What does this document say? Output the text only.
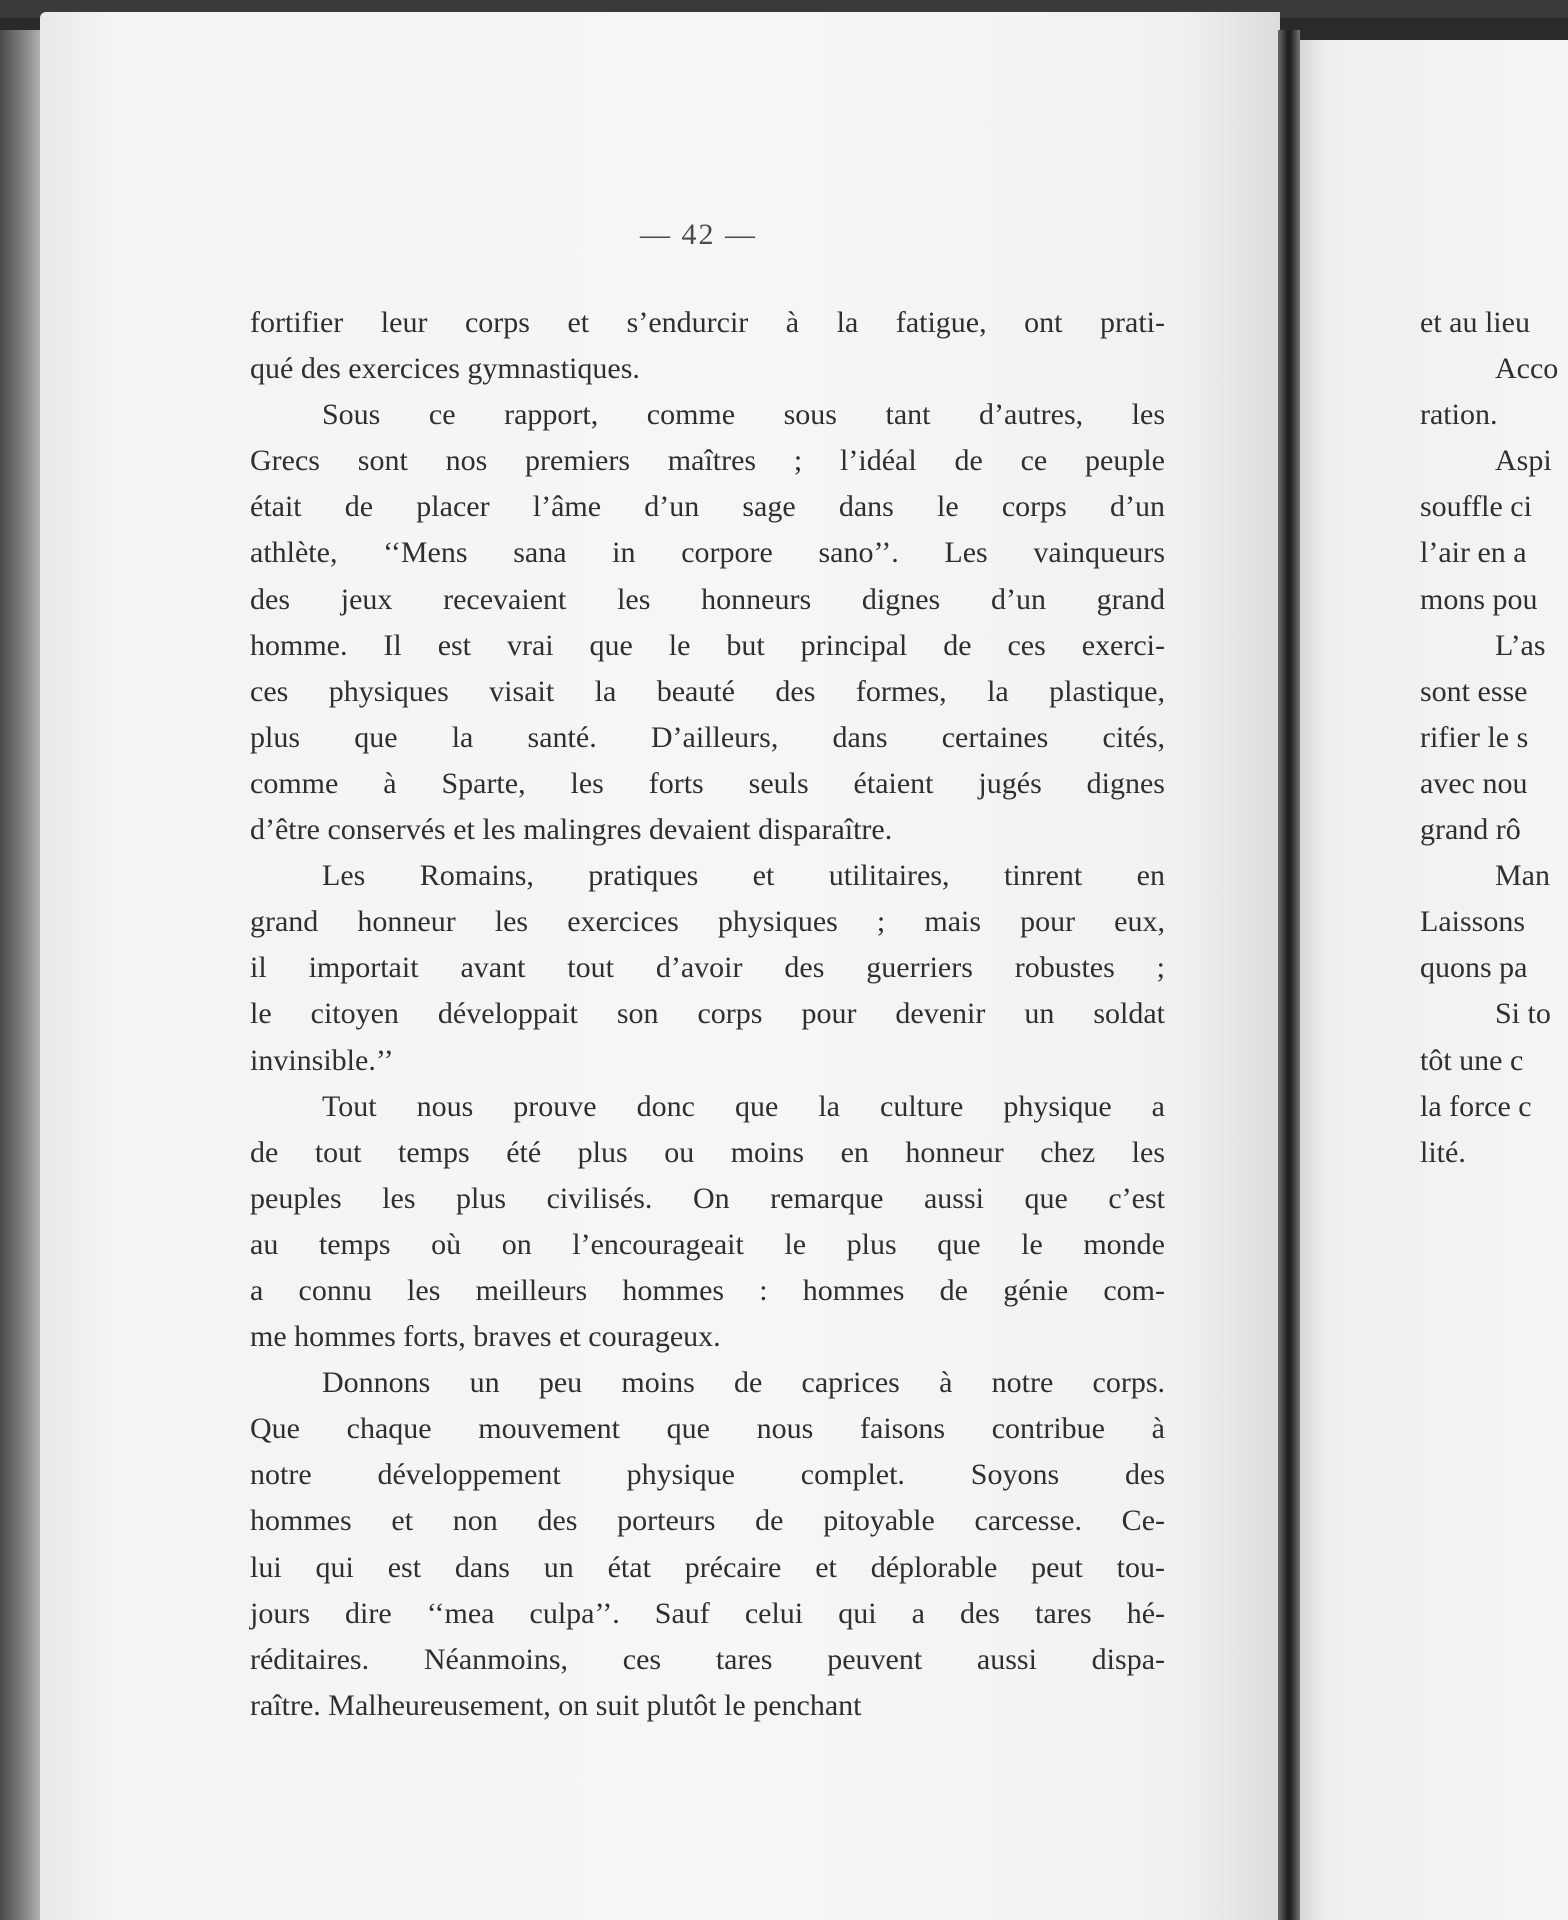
— 42 —
fortifier leur corps et s’endurcir à la fatigue, ont prati-
qué des exercices gymnastiques.
Sous ce rapport, comme sous tant d’autres, les
Grecs sont nos premiers maîtres ; l’idéal de ce peuple
était de placer l’âme d’un sage dans le corps d’un
athlète, ‘‘Mens sana in corpore sano’’. Les vainqueurs
des jeux recevaient les honneurs dignes d’un grand
homme. Il est vrai que le but principal de ces exerci-
ces physiques visait la beauté des formes, la plastique,
plus que la santé. D’ailleurs, dans certaines cités,
comme à Sparte, les forts seuls étaient jugés dignes
d’être conservés et les malingres devaient disparaître.
Les Romains, pratiques et utilitaires, tinrent en
grand honneur les exercices physiques ; mais pour eux,
il importait avant tout d’avoir des guerriers robustes ;
le citoyen développait son corps pour devenir un soldat
invinsible.’’
Tout nous prouve donc que la culture physique a
de tout temps été plus ou moins en honneur chez les
peuples les plus civilisés. On remarque aussi que c’est
au temps où on l’encourageait le plus que le monde
a connu les meilleurs hommes : hommes de génie com-
me hommes forts, braves et courageux.
Donnons un peu moins de caprices à notre corps.
Que chaque mouvement que nous faisons contribue à
notre développement physique complet. Soyons des
hommes et non des porteurs de pitoyable carcesse. Ce-
lui qui est dans un état précaire et déplorable peut tou-
jours dire ‘‘mea culpa’’. Sauf celui qui a des tares hé-
réditaires. Néanmoins, ces tares peuvent aussi dispa-
raître. Malheureusement, on suit plutôt le penchant
et au lieu
Acco
ration.
Aspi
souffle ci
l’air en a
mons pou
L’as
sont esse
rifier le s
avec nou
grand rô
Man
Laissons
quons pa
Si to
tôt une c
la force c
lité.
